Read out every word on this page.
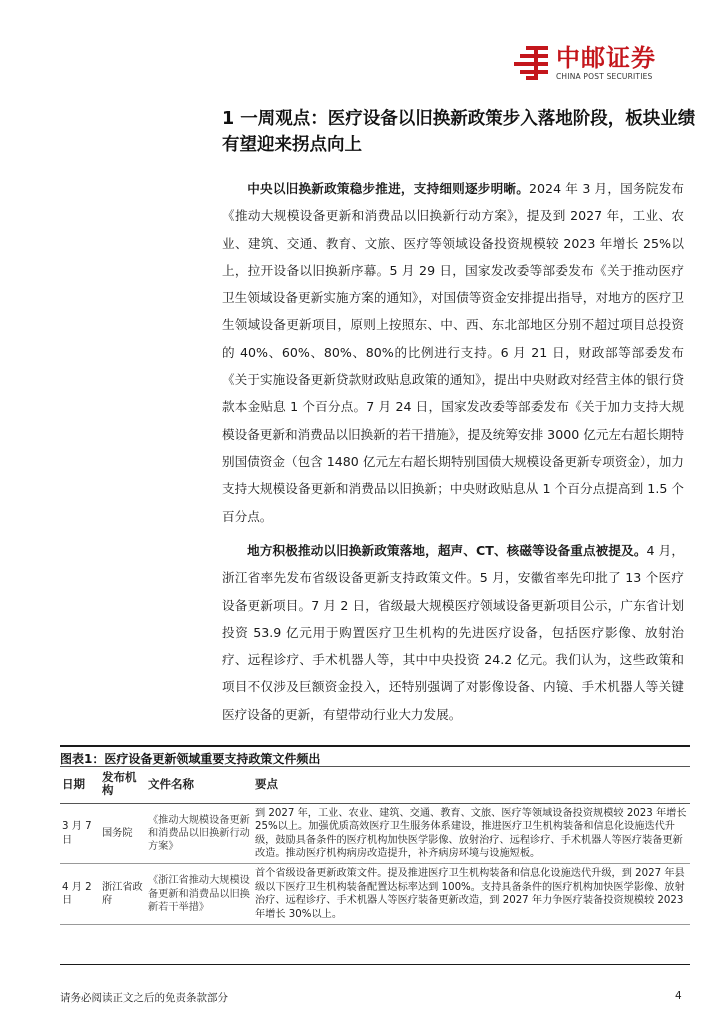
中邮证券
CHINA POST SECURITIES
1 一周观点：医疗设备以旧换新政策步入落地阶段，板块业绩有望迎来拐点向上
中央以旧换新政策稳步推进，支持细则逐步明晰。2024 年 3 月，国务院发布《推动大规模设备更新和消费品以旧换新行动方案》，提及到 2027 年，工业、农业、建筑、交通、教育、文旅、医疗等领域设备投资规模较 2023 年增长 25%以上，拉开设备以旧换新序幕。5 月 29 日，国家发改委等部委发布《关于推动医疗卫生领域设备更新实施方案的通知》，对国债等资金安排提出指导，对地方的医疗卫生领域设备更新项目，原则上按照东、中、西、东北部地区分别不超过项目总投资的 40%、60%、80%、80%的比例进行支持。6 月 21 日，财政部等部委发布《关于实施设备更新贷款财政贴息政策的通知》，提出中央财政对经营主体的银行贷款本金贴息 1 个百分点。7 月 24 日，国家发改委等部委发布《关于加力支持大规模设备更新和消费品以旧换新的若干措施》，提及统筹安排 3000 亿元左右超长期特别国债资金（包含 1480 亿元左右超长期特别国债大规模设备更新专项资金），加力支持大规模设备更新和消费品以旧换新；中央财政贴息从 1 个百分点提高到 1.5 个百分点。
地方积极推动以旧换新政策落地，超声、CT、核磁等设备重点被提及。4 月，浙江省率先发布省级设备更新支持政策文件。5 月，安徽省率先印批了 13 个医疗设备更新项目。7 月 2 日，省级最大规模医疗领域设备更新项目公示，广东省计划投资 53.9 亿元用于购置医疗卫生机构的先进医疗设备，包括医疗影像、放射治疗、远程诊疗、手术机器人等，其中中央投资 24.2 亿元。我们认为，这些政策和项目不仅涉及巨额资金投入，还特别强调了对影像设备、内镜、手术机器人等关键医疗设备的更新，有望带动行业大力发展。
图表1：医疗设备更新领域重要支持政策文件频出
日期	发布机构	文件名称	要点
3 月 7 日	国务院	《推动大规模设备更新和消费品以旧换新行动方案》	到 2027 年，工业、农业、建筑、交通、教育、文旅、医疗等领域设备投资规模较 2023 年增长 25%以上。加强优质高效医疗卫生服务体系建设，推进医疗卫生机构装备和信息化设施迭代升级，鼓励具备条件的医疗机构加快医学影像、放射治疗、远程诊疗、手术机器人等医疗装备更新改造。推动医疗机构病房改造提升，补齐病房环境与设施短板。
4 月 2 日	浙江省政府	《浙江省推动大规模设备更新和消费品以旧换新若干举措》	首个省级设备更新政策文件。提及推进医疗卫生机构装备和信息化设施迭代升级，到 2027 年县级以下医疗卫生机构装备配置达标率达到 100%。支持具备条件的医疗机构加快医学影像、放射治疗、远程诊疗、手术机器人等医疗装备更新改造，到 2027 年力争医疗装备投资规模较 2023 年增长 30%以上。
请务必阅读正文之后的免责条款部分	4
